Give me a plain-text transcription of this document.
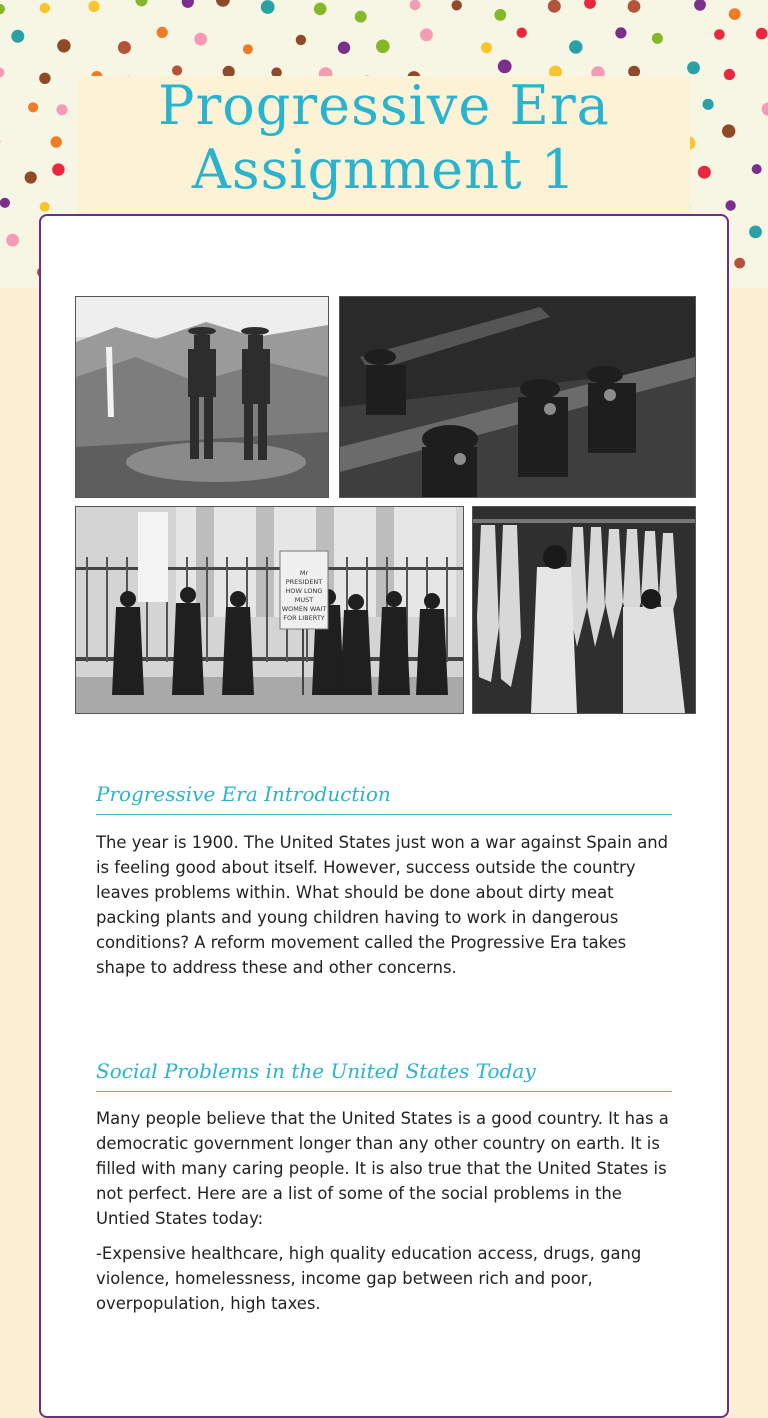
Progressive Era
Assignment 1
Mr PRESIDENT
HOW LONG
MUST
WOMEN WAIT
FOR LIBERTY
Progressive Era Introduction

The year is 1900. The United States just won a war against Spain and is feeling good about itself. However, success outside the country leaves problems within. What should be done about dirty meat packing plants and young children having to work in dangerous conditions? A reform movement called the Progressive Era takes shape to address these and other concerns.

Social Problems in the United States Today

Many people believe that the United States is a good country. It has a democratic government longer than any other country on earth. It is filled with many caring people. It is also true that the United States is not perfect. Here are a list of some of the social problems in the Untied States today:

-Expensive healthcare, high quality education access, drugs, gang violence, homelessness, income gap between rich and poor, overpopulation, high taxes.
